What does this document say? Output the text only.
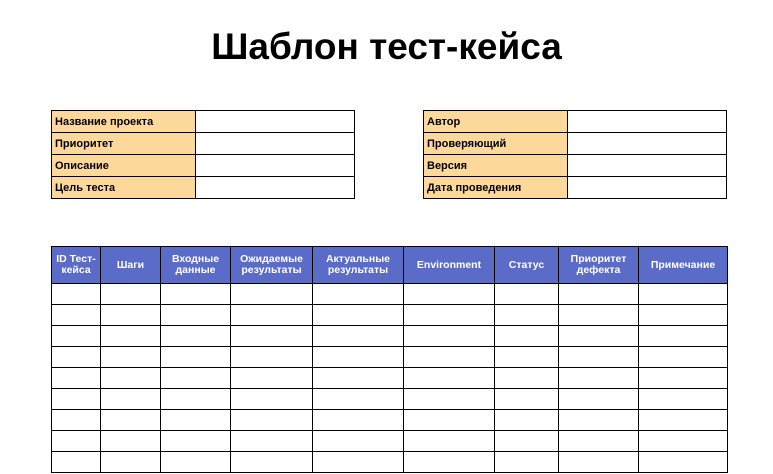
Шаблон тест-кейса
Название проекта	
Приоритет	
Описание	
Цель теста	
Автор	
Проверяющий	
Версия	
Дата проведения	
ID Тест-кейса	Шаги	Входные данные	Ожидаемые результаты	Актуальные результаты	Environment	Статус	Приоритет дефекта	Примечание
